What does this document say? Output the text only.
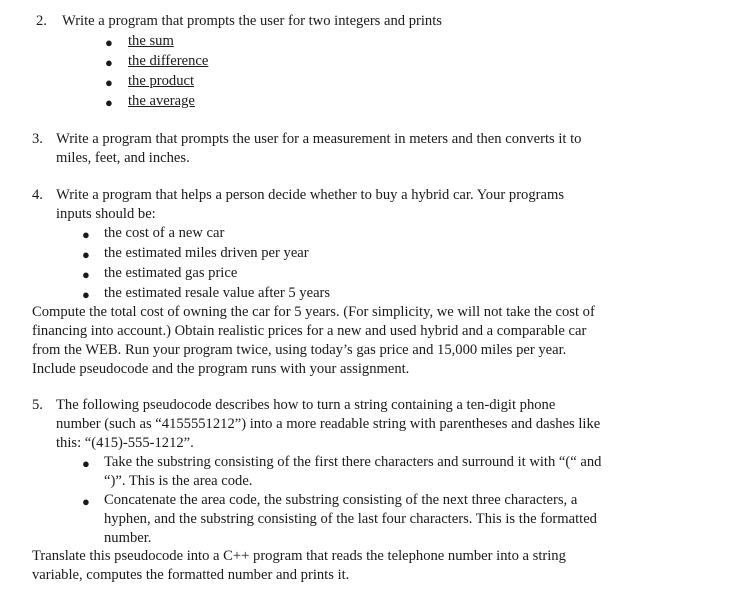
2. Write a program that prompts the user for two integers and prints
● the sum
● the difference
● the product
● the average
3. Write a program that prompts the user for a measurement in meters and then converts it to
miles, feet, and inches.
4. Write a program that helps a person decide whether to buy a hybrid car. Your programs
inputs should be:
● the cost of a new car
● the estimated miles driven per year
● the estimated gas price
● the estimated resale value after 5 years
Compute the total cost of owning the car for 5 years. (For simplicity, we will not take the cost of
financing into account.) Obtain realistic prices for a new and used hybrid and a comparable car
from the WEB. Run your program twice, using today’s gas price and 15,000 miles per year.
Include pseudocode and the program runs with your assignment.
5. The following pseudocode describes how to turn a string containing a ten-digit phone
number (such as “4155551212”) into a more readable string with parentheses and dashes like
this: “(415)-555-1212”.
● Take the substring consisting of the first there characters and surround it with “(“ and
“)”. This is the area code.
● Concatenate the area code, the substring consisting of the next three characters, a
hyphen, and the substring consisting of the last four characters. This is the formatted
number.
Translate this pseudocode into a C++ program that reads the telephone number into a string
variable, computes the formatted number and prints it.
